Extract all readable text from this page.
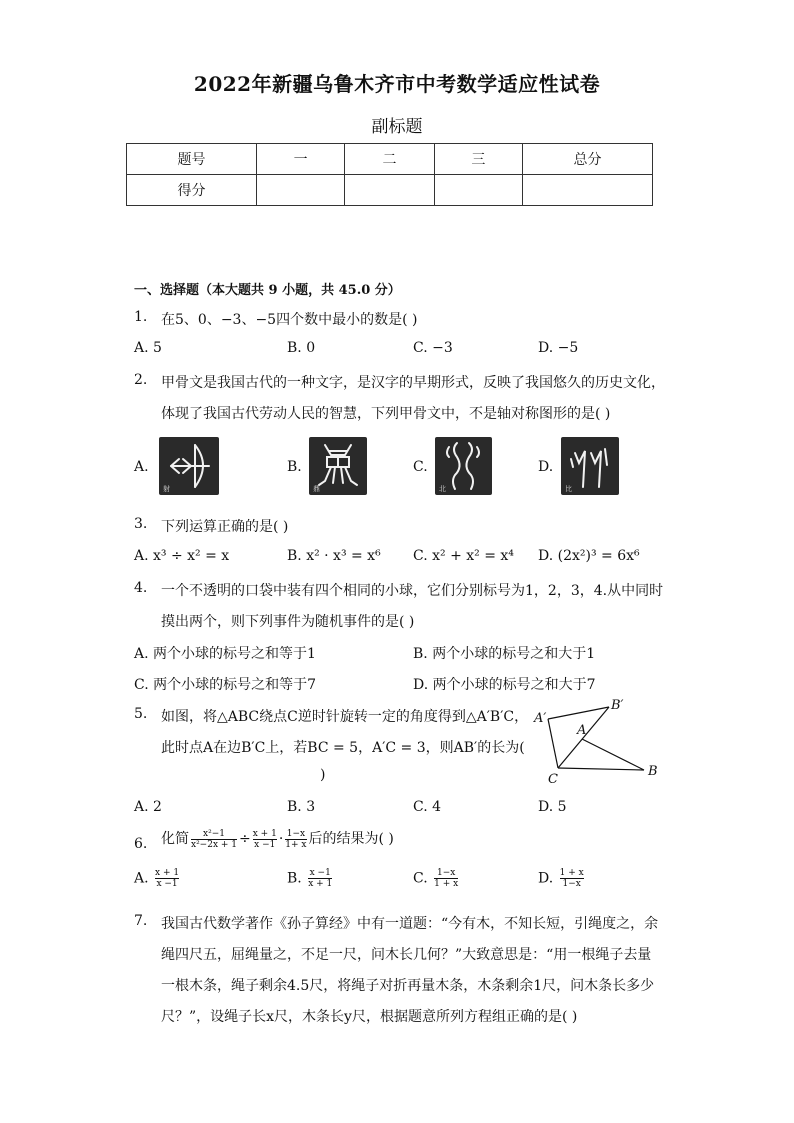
2022年新疆乌鲁木齐市中考数学适应性试卷
副标题
题号	一	二	三	总分
得分				
一、选择题（本大题共 9 小题，共 45.0 分）
1. 在5、0、−3、−5四个数中最小的数是( )
A. 5	B. 0	C. −3	D. −5
2. 甲骨文是我国古代的一种文字，是汉字的早期形式，反映了我国悠久的历史文化，
体现了我国古代劳动人民的智慧，下列甲骨文中，不是轴对称图形的是( )
A.
射
B.
鼎
C.
北
D.
比
3. 下列运算正确的是( )
A. x³ ÷ x² = x	B. x² · x³ = x⁶ C. x² + x² = x⁴ D. (2x²)³ = 6x⁶
4. 一个不透明的口袋中装有四个相同的小球，它们分别标号为1，2，3，4.从中同时
摸出两个，则下列事件为随机事件的是( )
A. 两个小球的标号之和等于1	B. 两个小球的标号之和大于1
C. 两个小球的标号之和等于7	D. 两个小球的标号之和大于7
5. 如图，将△ABC绕点C逆时针旋转一定的角度得到△A′B′C，
此时点A在边B′C上，若BC = 5，A′C = 3，则AB′的长为(
)
A′
B′
A
C
B
A. 2	B. 3	C. 4	D. 5
6. 化简 $\frac{\text{x²−1}}{\text{x²−2x + 1}} \div \frac{x + 1}{x -1} \cdot \frac{1-x}{1+ x}$ 后的结果为( )
A. $\frac{x + 1}{x -1}$	B. $\frac{x -1}{x + 1}$	C. $\frac{1-x}{1 + x}$	D. $\frac{1 + x}{1-x}$
7. 我国古代数学著作《孙子算经》中有一道题：“今有木，不知长短，引绳度之，余
绳四尺五，屈绳量之，不足一尺，问木长几何？”大致意思是：“用一根绳子去量
一根木条，绳子剩余4.5尺，将绳子对折再量木条，木条剩余1尺，问木条长多少
尺？”，设绳子长x尺，木条长y尺，根据题意所列方程组正确的是( )
